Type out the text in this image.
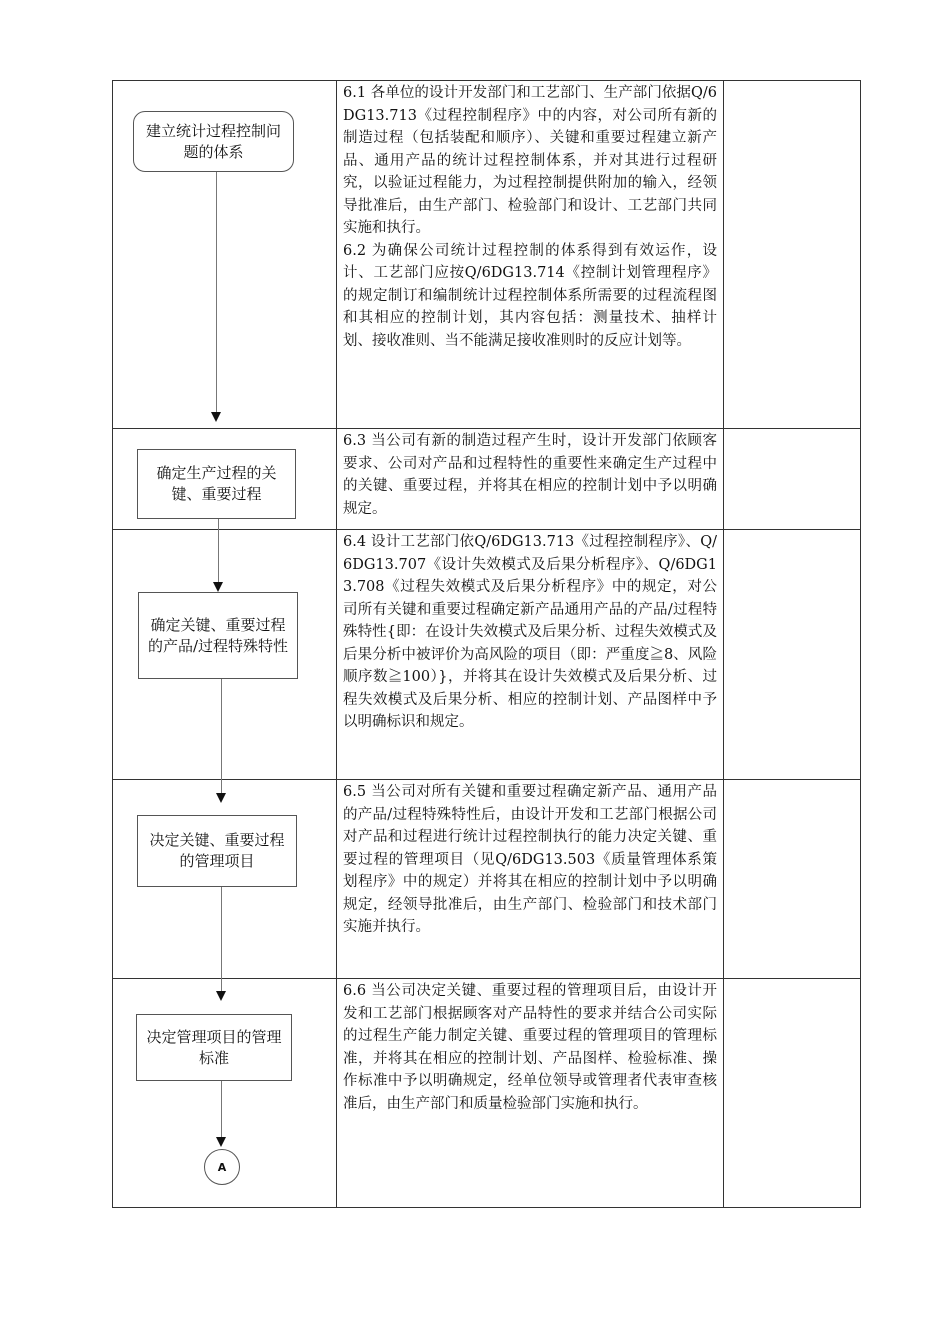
建立统计过程控制问题的体系
确定生产过程的关键、重要过程
确定关键、重要过程的产品/过程特殊特性
决定关键、重要过程的管理项目
决定管理项目的管理标准
A

6.1 各单位的设计开发部门和工艺部门、生产部门依据Q/6DG13.713《过程控制程序》中的内容，对公司所有新的制造过程（包括装配和顺序）、关键和重要过程建立新产品、通用产品的统计过程控制体系，并对其进行过程研究，以验证过程能力，为过程控制提供附加的输入，经领导批准后，由生产部门、检验部门和设计、工艺部门共同实施和执行。

6.2 为确保公司统计过程控制的体系得到有效运作，设计、工艺部门应按Q/6DG13.714《控制计划管理程序》的规定制订和编制统计过程控制体系所需要的过程流程图和其相应的控制计划，其内容包括：测量技术、抽样计划、接收准则、当不能满足接收准则时的反应计划等。

6.3 当公司有新的制造过程产生时，设计开发部门依顾客要求、公司对产品和过程特性的重要性来确定生产过程中的关键、重要过程，并将其在相应的控制计划中予以明确规定。

6.4 设计工艺部门依Q/6DG13.713《过程控制程序》、Q/6DG13.707《设计失效模式及后果分析程序》、Q/6DG13.708《过程失效模式及后果分析程序》中的规定，对公司所有关键和重要过程确定新产品通用产品的产品/过程特殊特性{即：在设计失效模式及后果分析、过程失效模式及后果分析中被评价为高风险的项目（即：严重度≧8、风险顺序数≧100）}，并将其在设计失效模式及后果分析、过程失效模式及后果分析、相应的控制计划、产品图样中予以明确标识和规定。

6.5 当公司对所有关键和重要过程确定新产品、通用产品的产品/过程特殊特性后，由设计开发和工艺部门根据公司对产品和过程进行统计过程控制执行的能力决定关键、重要过程的管理项目（见Q/6DG13.503《质量管理体系策划程序》中的规定）并将其在相应的控制计划中予以明确规定，经领导批准后，由生产部门、检验部门和技术部门实施并执行。

6.6 当公司决定关键、重要过程的管理项目后，由设计开发和工艺部门根据顾客对产品特性的要求并结合公司实际的过程生产能力制定关键、重要过程的管理项目的管理标准，并将其在相应的控制计划、产品图样、检验标准、操作标准中予以明确规定，经单位领导或管理者代表审查核准后，由生产部门和质量检验部门实施和执行。
